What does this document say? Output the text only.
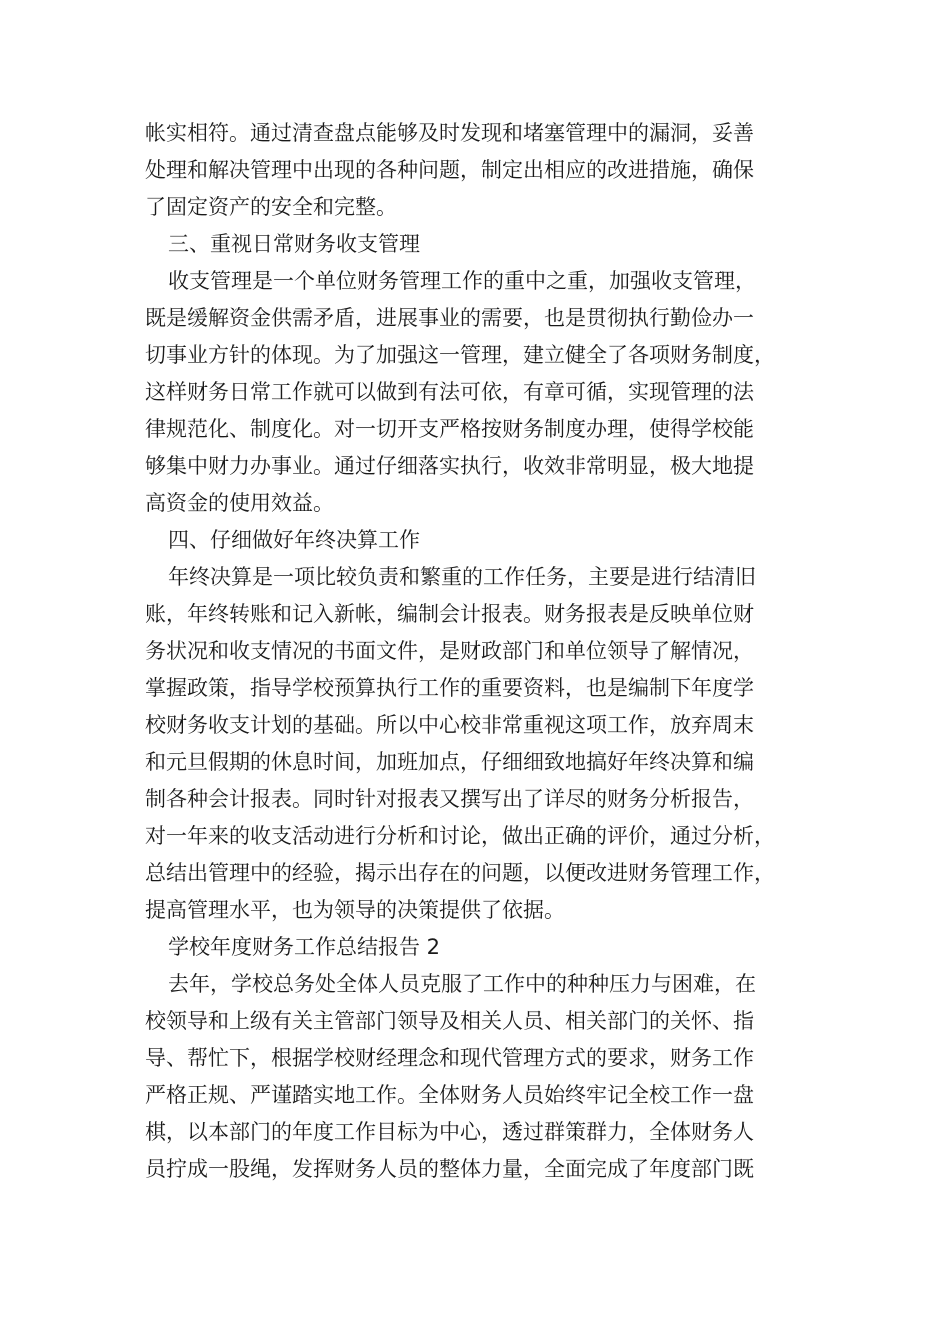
帐实相符。通过清查盘点能够及时发现和堵塞管理中的漏洞，妥善
处理和解决管理中出现的各种问题，制定出相应的改进措施，确保
了固定资产的安全和完整。
三、重视日常财务收支管理
收支管理是一个单位财务管理工作的重中之重，加强收支管理，
既是缓解资金供需矛盾，进展事业的需要，也是贯彻执行勤俭办一
切事业方针的体现。为了加强这一管理，建立健全了各项财务制度，
这样财务日常工作就可以做到有法可依，有章可循，实现管理的法
律规范化、制度化。对一切开支严格按财务制度办理，使得学校能
够集中财力办事业。通过仔细落实执行，收效非常明显，极大地提
高资金的使用效益。
四、仔细做好年终决算工作
年终决算是一项比较负责和繁重的工作任务，主要是进行结清旧
账，年终转账和记入新帐，编制会计报表。财务报表是反映单位财
务状况和收支情况的书面文件，是财政部门和单位领导了解情况，
掌握政策，指导学校预算执行工作的重要资料，也是编制下年度学
校财务收支计划的基础。所以中心校非常重视这项工作，放弃周末
和元旦假期的休息时间，加班加点，仔细细致地搞好年终决算和编
制各种会计报表。同时针对报表又撰写出了详尽的财务分析报告，
对一年来的收支活动进行分析和讨论，做出正确的评价，通过分析，
总结出管理中的经验，揭示出存在的问题，以便改进财务管理工作，
提高管理水平，也为领导的决策提供了依据。
学校年度财务工作总结报告 2
去年，学校总务处全体人员克服了工作中的种种压力与困难，在
校领导和上级有关主管部门领导及相关人员、相关部门的关怀、指
导、帮忙下，根据学校财经理念和现代管理方式的要求，财务工作
严格正规、严谨踏实地工作。全体财务人员始终牢记全校工作一盘
棋，以本部门的年度工作目标为中心，透过群策群力，全体财务人
员拧成一股绳，发挥财务人员的整体力量，全面完成了年度部门既
